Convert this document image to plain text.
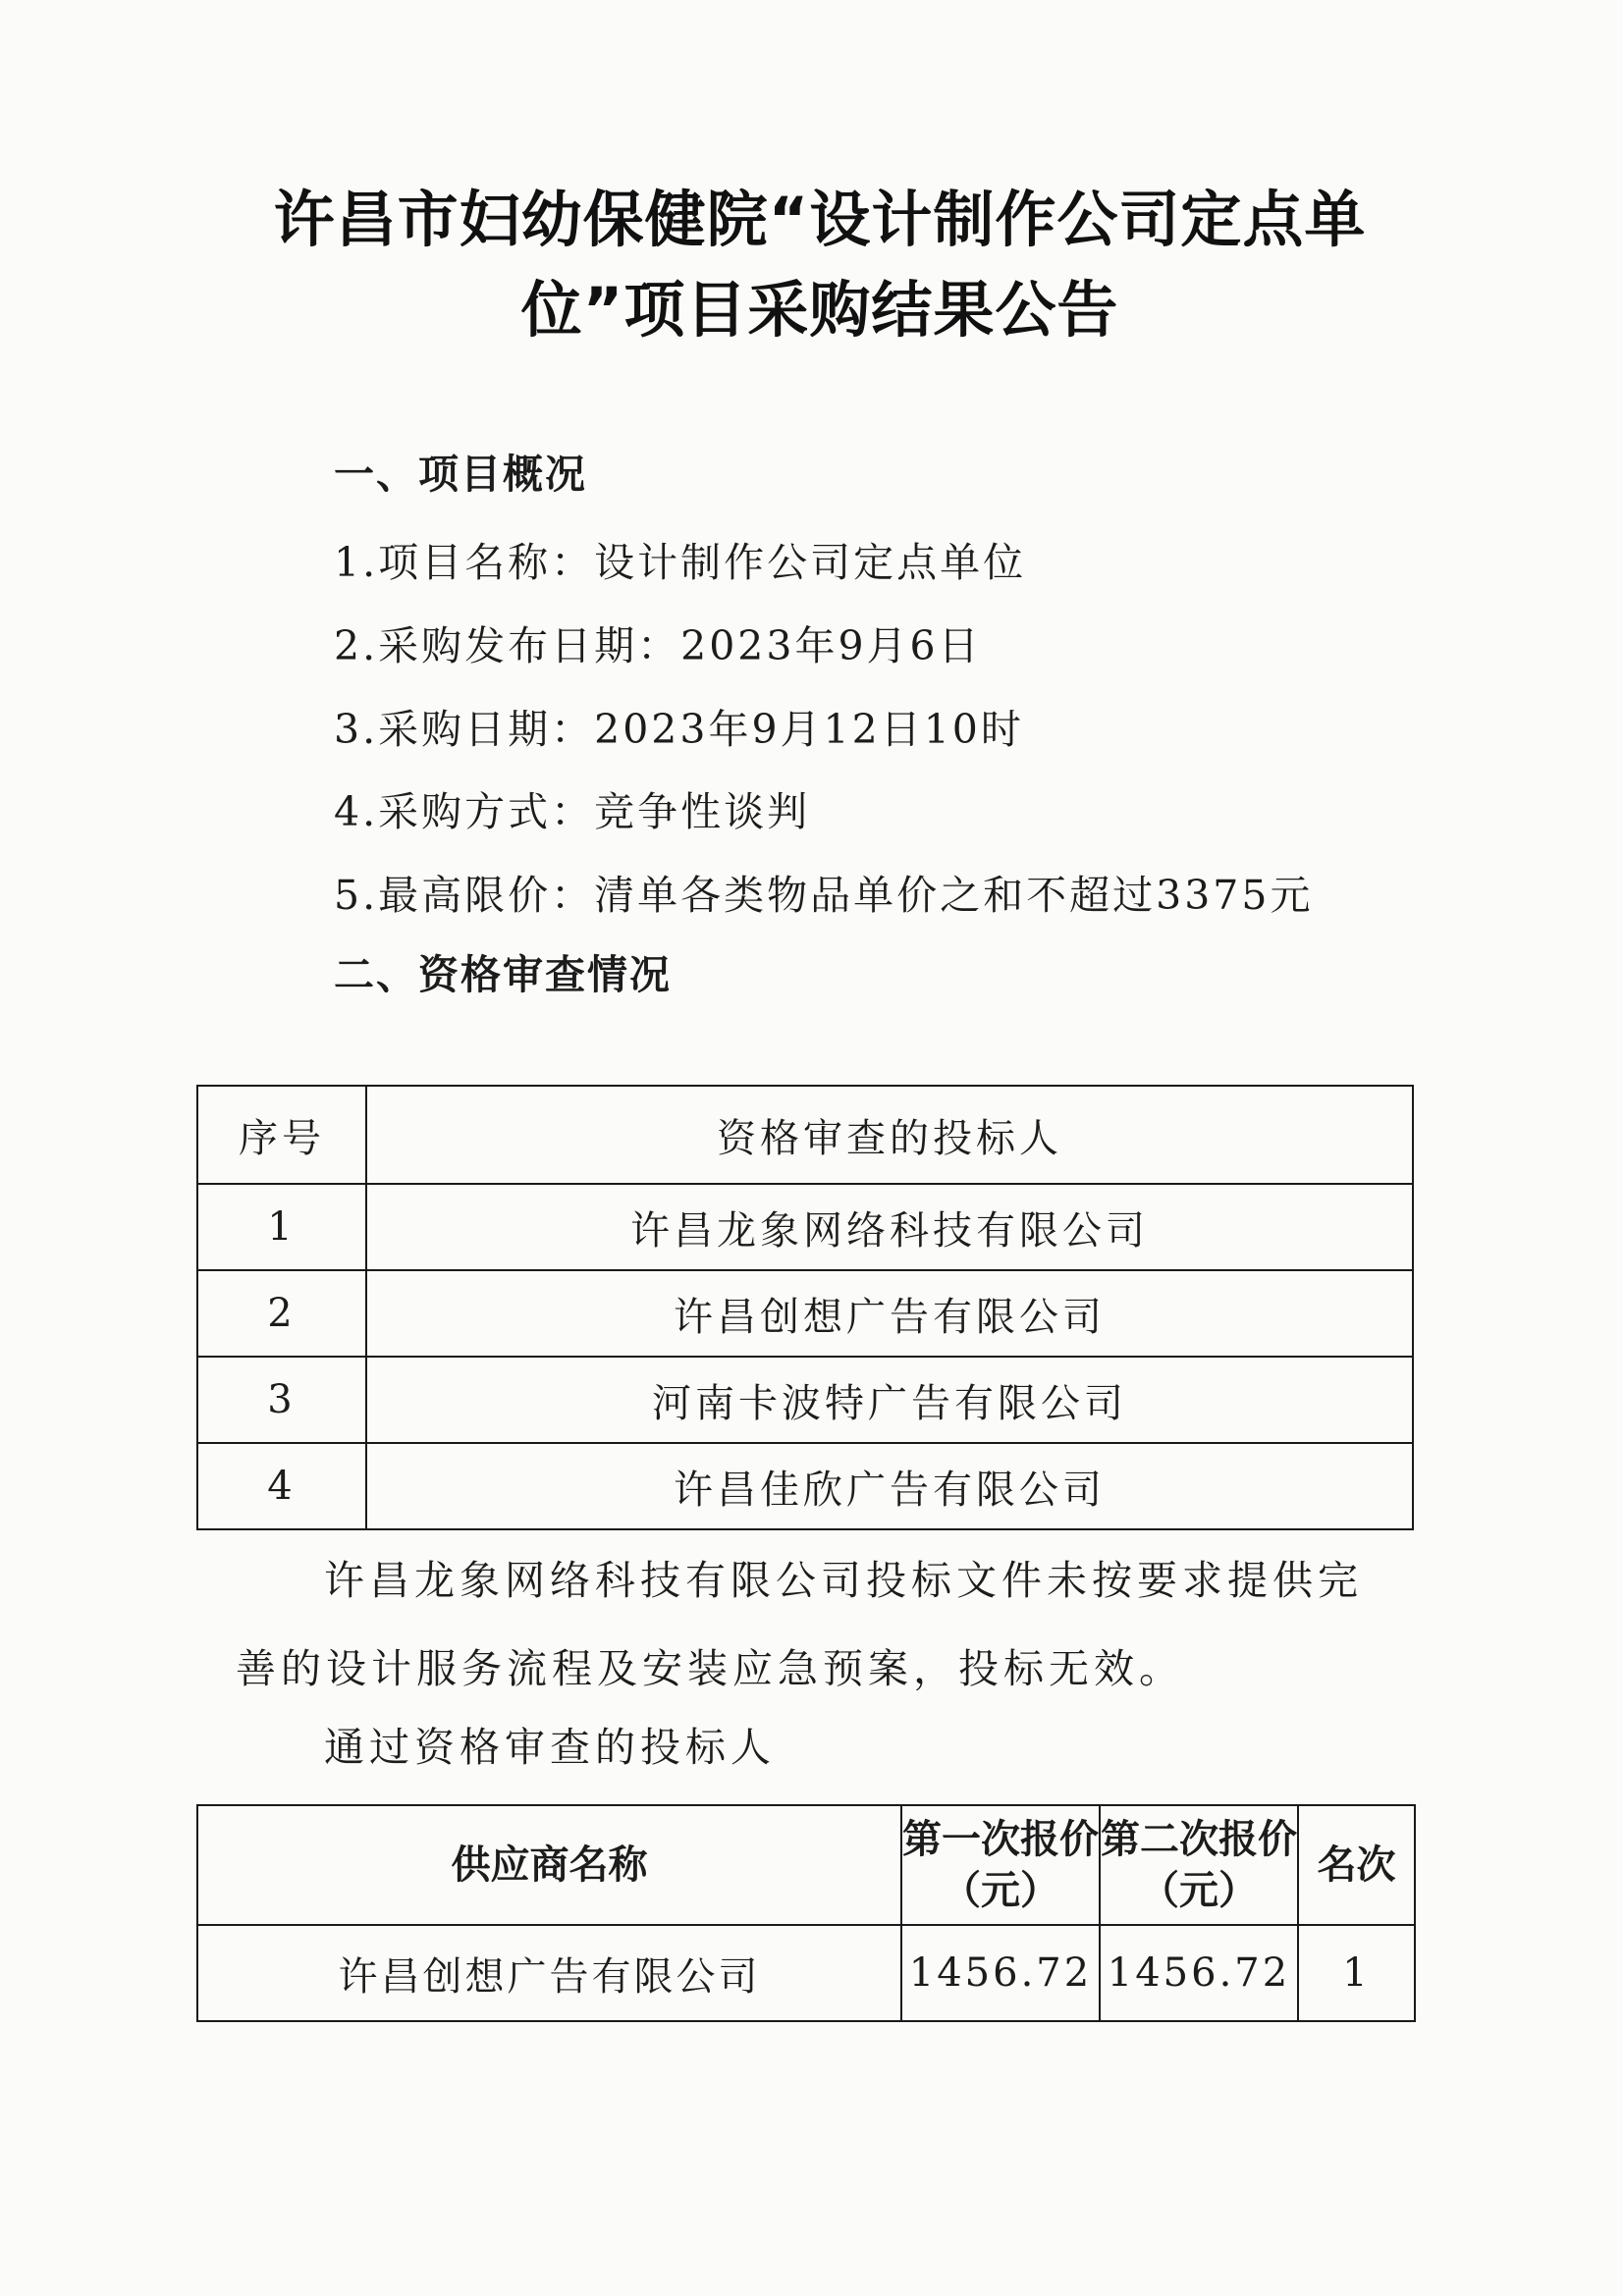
许昌市妇幼保健院“设计制作公司定点单
位”项目采购结果公告
一、项目概况
1.项目名称：设计制作公司定点单位
2.采购发布日期：2023年9月6日
3.采购日期：2023年9月12日10时
4.采购方式：竞争性谈判
5.最高限价：清单各类物品单价之和不超过3375元
二、资格审查情况
序号	资格审查的投标人
1	许昌龙象网络科技有限公司
2	许昌创想广告有限公司
3	河南卡波特广告有限公司
4	许昌佳欣广告有限公司
许昌龙象网络科技有限公司投标文件未按要求提供完
善的设计服务流程及安装应急预案，投标无效。
通过资格审查的投标人
供应商名称	第一次报价（元）	第二次报价（元）	名次
许昌创想广告有限公司	1456.72	1456.72	1
